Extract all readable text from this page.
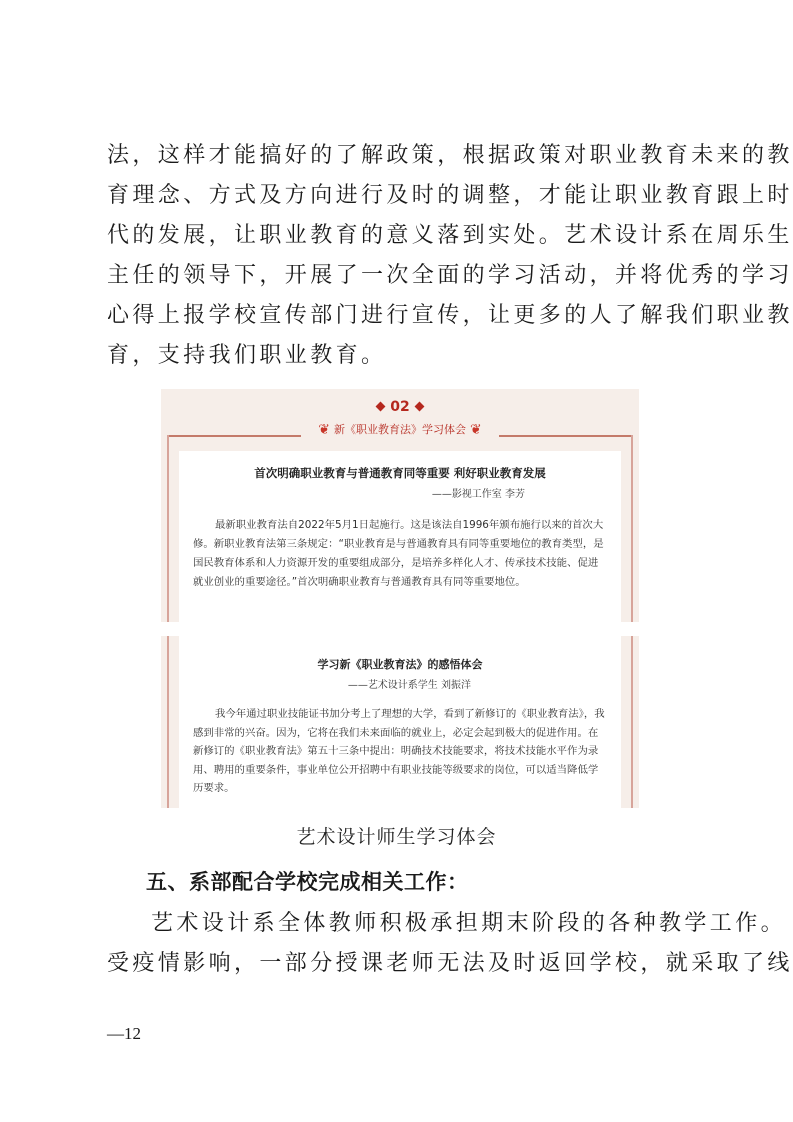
法，这样才能搞好的了解政策，根据政策对职业教育未来的教
育理念、方式及方向进行及时的调整，才能让职业教育跟上时
代的发展，让职业教育的意义落到实处。艺术设计系在周乐生
主任的领导下，开展了一次全面的学习活动，并将优秀的学习
心得上报学校宣传部门进行宣传，让更多的人了解我们职业教
育，支持我们职业教育。
02
❦ 新《职业教育法》学习体会 ❦
首次明确职业教育与普通教育同等重要 利好职业教育发展
——影视工作室 李芳
最新职业教育法自2022年5月1日起施行。这是该法自1996年颁布施行以来的首次大修。新职业教育法第三条规定：“职业教育是与普通教育具有同等重要地位的教育类型，是国民教育体系和人力资源开发的重要组成部分，是培养多样化人才、传承技术技能、促进就业创业的重要途径。”首次明确职业教育与普通教育具有同等重要地位。
学习新《职业教育法》的感悟体会
——艺术设计系学生 刘振洋
我今年通过职业技能证书加分考上了理想的大学，看到了新修订的《职业教育法》，我感到非常的兴奋。因为，它将在我们未来面临的就业上，必定会起到极大的促进作用。在新修订的《职业教育法》第五十三条中提出：明确技术技能要求，将技术技能水平作为录用、聘用的重要条件，事业单位公开招聘中有职业技能等级要求的岗位，可以适当降低学历要求。
艺术设计师生学习体会
五、系部配合学校完成相关工作：
艺术设计系全体教师积极承担期末阶段的各种教学工作。
受疫情影响，一部分授课老师无法及时返回学校，就采取了线
—12
